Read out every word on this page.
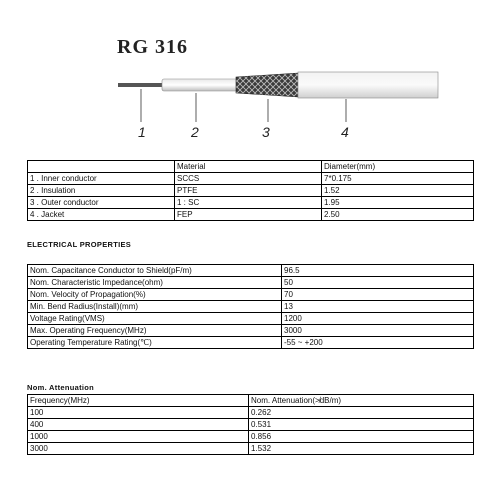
RG 316
1	2	3	4
	Material	Diameter(mm)
1 . Inner conductor	SCCS	7*0.175
2 . Insulation	PTFE	1.52
3 . Outer conductor	1 : SC	1.95
4 . Jacket	FEP	2.50
ELECTRICAL PROPERTIES
Nom. Capacitance Conductor to Shield(pF/m)	96.5
Nom. Characteristic Impedance(ohm)	50
Nom. Velocity of Propagation(%)	70
Min. Bend Radius(Install)(mm)	13
Voltage Rating(VMS)	1200
Max. Operating Frequency(MHz)	3000
Operating Temperature Rating(℃)	-55 ~ +200
Nom. Attenuation
Frequency(MHz)	Nom. Attenuation(≯dB/m)
100	0.262
400	0.531
1000	0.856
3000	1.532
